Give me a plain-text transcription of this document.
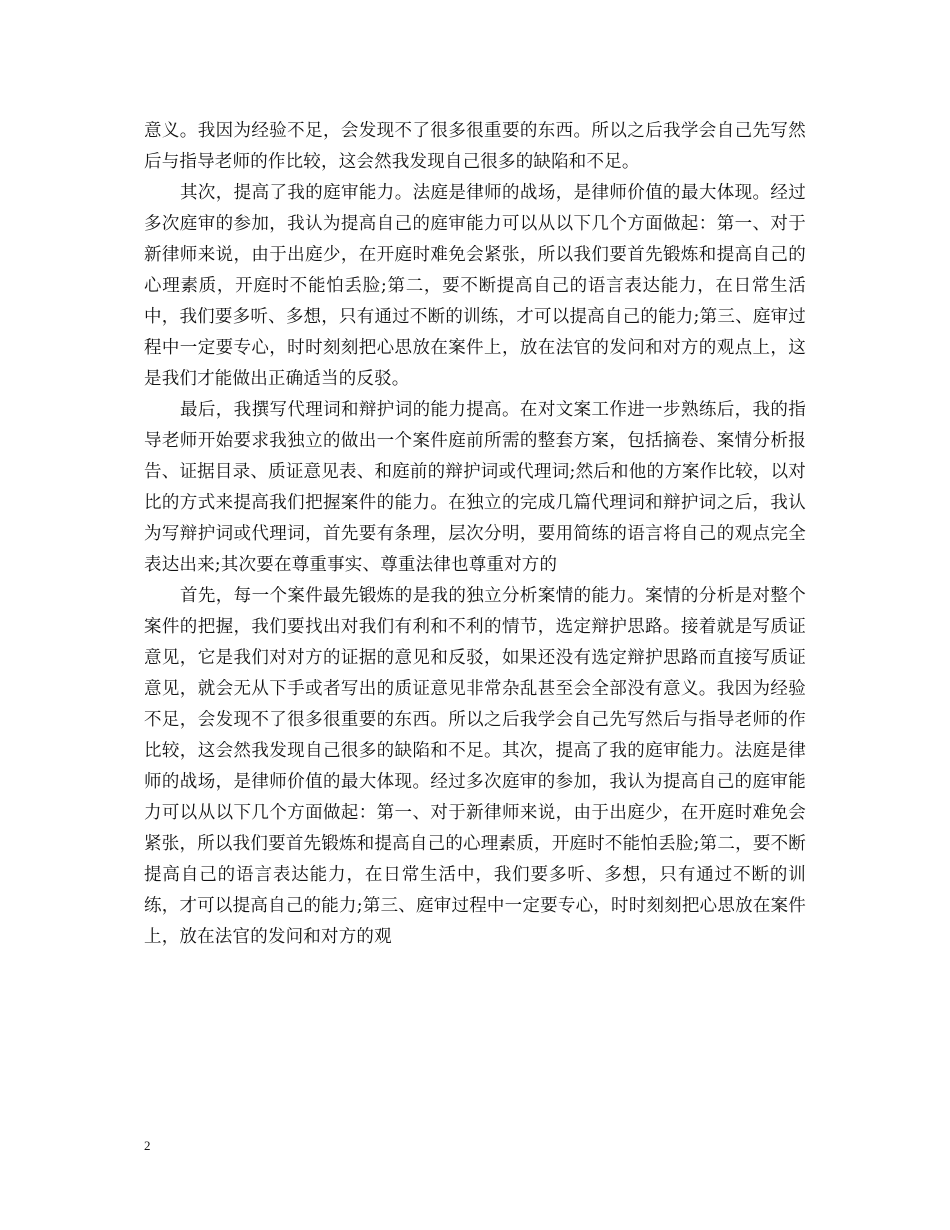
意义。我因为经验不足，会发现不了很多很重要的东西。所以之后我学会自己先写然后与指导老师的作比较，这会然我发现自己很多的缺陷和不足。

其次，提高了我的庭审能力。法庭是律师的战场，是律师价值的最大体现。经过多次庭审的参加，我认为提高自己的庭审能力可以从以下几个方面做起：第一、对于新律师来说，由于出庭少，在开庭时难免会紧张，所以我们要首先锻炼和提高自己的心理素质，开庭时不能怕丢脸;第二，要不断提高自己的语言表达能力，在日常生活中，我们要多听、多想，只有通过不断的训练，才可以提高自己的能力;第三、庭审过程中一定要专心，时时刻刻把心思放在案件上，放在法官的发问和对方的观点上，这是我们才能做出正确适当的反驳。

最后，我撰写代理词和辩护词的能力提高。在对文案工作进一步熟练后，我的指导老师开始要求我独立的做出一个案件庭前所需的整套方案，包括摘卷、案情分析报告、证据目录、质证意见表、和庭前的辩护词或代理词;然后和他的方案作比较，以对比的方式来提高我们把握案件的能力。在独立的完成几篇代理词和辩护词之后，我认为写辩护词或代理词，首先要有条理，层次分明，要用简练的语言将自己的观点完全表达出来;其次要在尊重事实、尊重法律也尊重对方的

首先，每一个案件最先锻炼的是我的独立分析案情的能力。案情的分析是对整个案件的把握，我们要找出对我们有利和不利的情节，选定辩护思路。接着就是写质证意见，它是我们对对方的证据的意见和反驳，如果还没有选定辩护思路而直接写质证意见，就会无从下手或者写出的质证意见非常杂乱甚至会全部没有意义。我因为经验不足，会发现不了很多很重要的东西。所以之后我学会自己先写然后与指导老师的作比较，这会然我发现自己很多的缺陷和不足。其次，提高了我的庭审能力。法庭是律师的战场，是律师价值的最大体现。经过多次庭审的参加，我认为提高自己的庭审能力可以从以下几个方面做起：第一、对于新律师来说，由于出庭少，在开庭时难免会紧张，所以我们要首先锻炼和提高自己的心理素质，开庭时不能怕丢脸;第二，要不断提高自己的语言表达能力，在日常生活中，我们要多听、多想，只有通过不断的训练，才可以提高自己的能力;第三、庭审过程中一定要专心，时时刻刻把心思放在案件上，放在法官的发问和对方的观

2
